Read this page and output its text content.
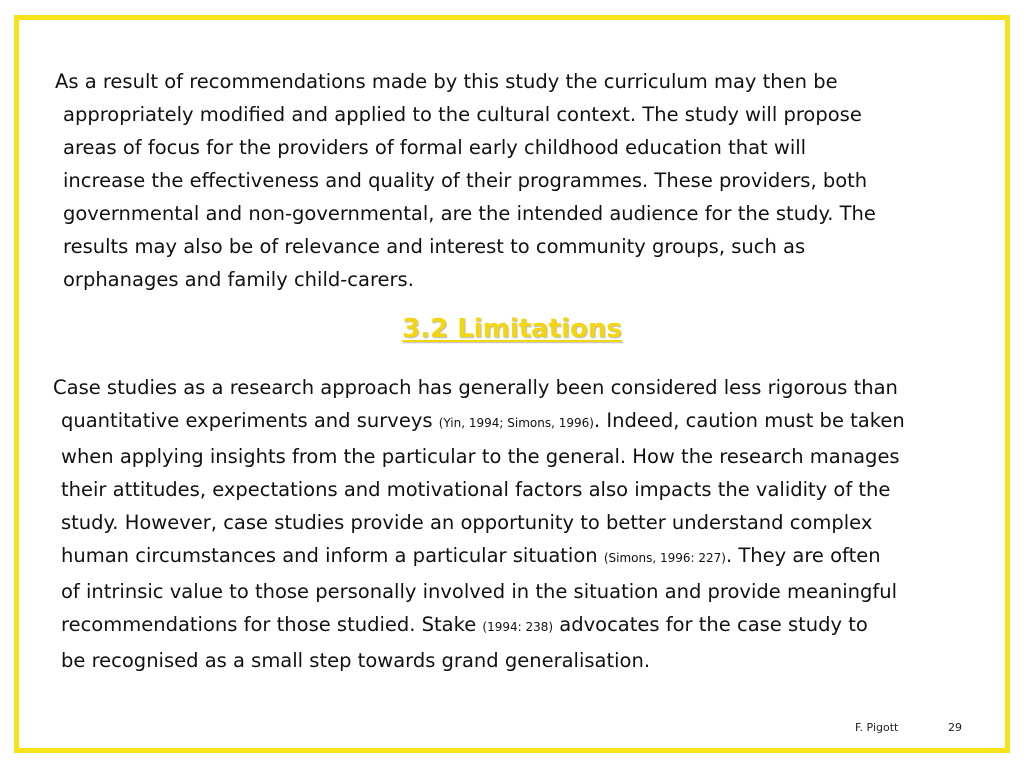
As a result of recommendations made by this study the curriculum may then be
appropriately modified and applied to the cultural context. The study will propose
areas of focus for the providers of formal early childhood education that will
increase the effectiveness and quality of their programmes. These providers, both
governmental and non-governmental, are the intended audience for the study. The
results may also be of relevance and interest to community groups, such as
orphanages and family child-carers.
3.2 Limitations
Case studies as a research approach has generally been considered less rigorous than
quantitative experiments and surveys (Yin, 1994; Simons, 1996). Indeed, caution must be taken
when applying insights from the particular to the general. How the research manages
their attitudes, expectations and motivational factors also impacts the validity of the
study. However, case studies provide an opportunity to better understand complex
human circumstances and inform a particular situation (Simons, 1996: 227). They are often
of intrinsic value to those personally involved in the situation and provide meaningful
recommendations for those studied. Stake (1994: 238) advocates for the case study to
be recognised as a small step towards grand generalisation.
F. Pigott	29
